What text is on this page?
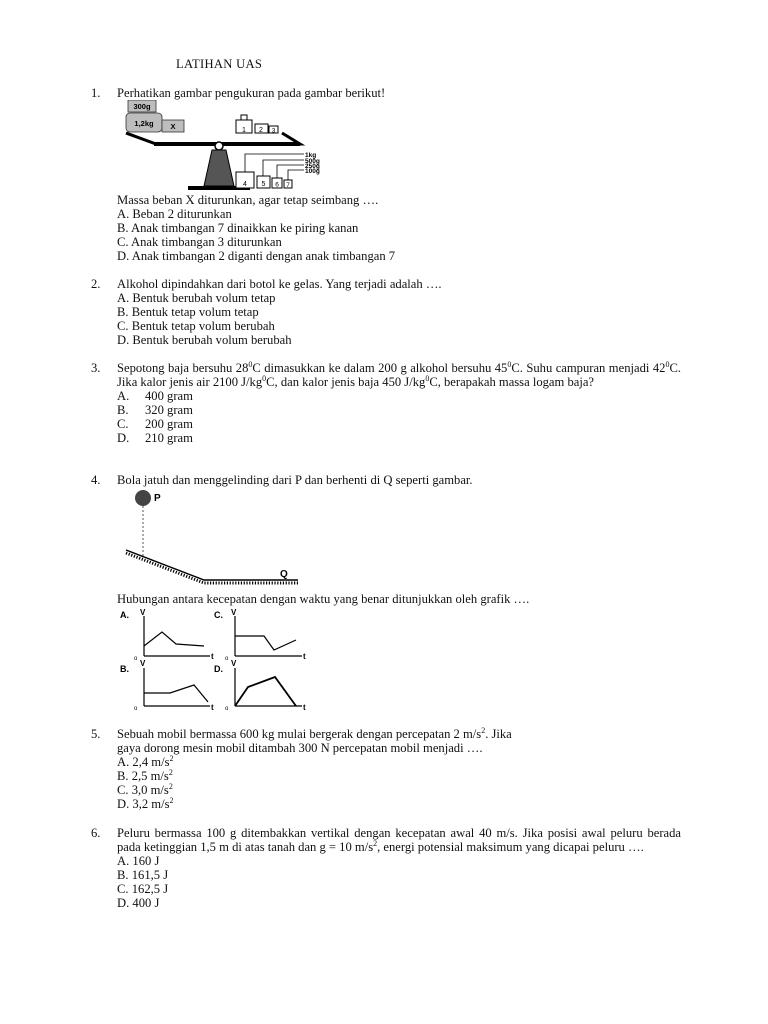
LATIHAN UAS
1. Perhatikan gambar pengukuran pada gambar berikut!
300g
1,2kg X	1 2 3
4 5 6 7
1kg
500g
250g
100g
Massa beban X diturunkan, agar tetap seimbang ….
A. Beban 2 diturunkan
B. Anak timbangan 7 dinaikkan ke piring kanan
C. Anak timbangan 3 diturunkan
D. Anak timbangan 2 diganti dengan anak timbangan 7
2. Alkohol dipindahkan dari botol ke gelas. Yang terjadi adalah ….
A. Bentuk berubah volum tetap
B. Bentuk tetap volum tetap
C. Bentuk tetap volum berubah
D. Bentuk berubah volum berubah
3. Sepotong baja bersuhu $28^0C$ dimasukkan ke dalam 200 g alkohol bersuhu $45^0C$. Suhu campuran menjadi $42^0C$. Jika kalor jenis air 2100 $J/kg^0C$, dan kalor jenis baja 450 $J/kg^0C$, berapakah massa logam baja?
A. 400 gram
B. 320 gram
C. 200 gram
D. 210 gram
4. Bola jatuh dan menggelinding dari P dan berhenti di Q seperti gambar.
P
Q
Hubungan antara kecepatan dengan waktu yang benar ditunjukkan oleh grafik ….
A. V
o	t
C. V
o	t
B.
V
o	t
D.
V
o	t
5. Sebuah mobil bermassa 600 kg mulai bergerak dengan percepatan 2 $m/s^2$. Jika
gaya dorong mesin mobil ditambah 300 N percepatan mobil menjadi ….
A. 2,4 $m/s^2$
B. 2,5 $m/s^2$
C. 3,0 $m/s^2$
D. 3,2 $m/s^2$
6. Peluru bermassa 100 g ditembakkan vertikal dengan kecepatan awal 40 m/s. Jika posisi awal peluru berada pada ketinggian 1,5 m di atas tanah dan g = 10 $m/s^2$, energi potensial maksimum yang dicapai peluru ….
A. 160 J
B. 161,5 J
C. 162,5 J
D. 400 J
